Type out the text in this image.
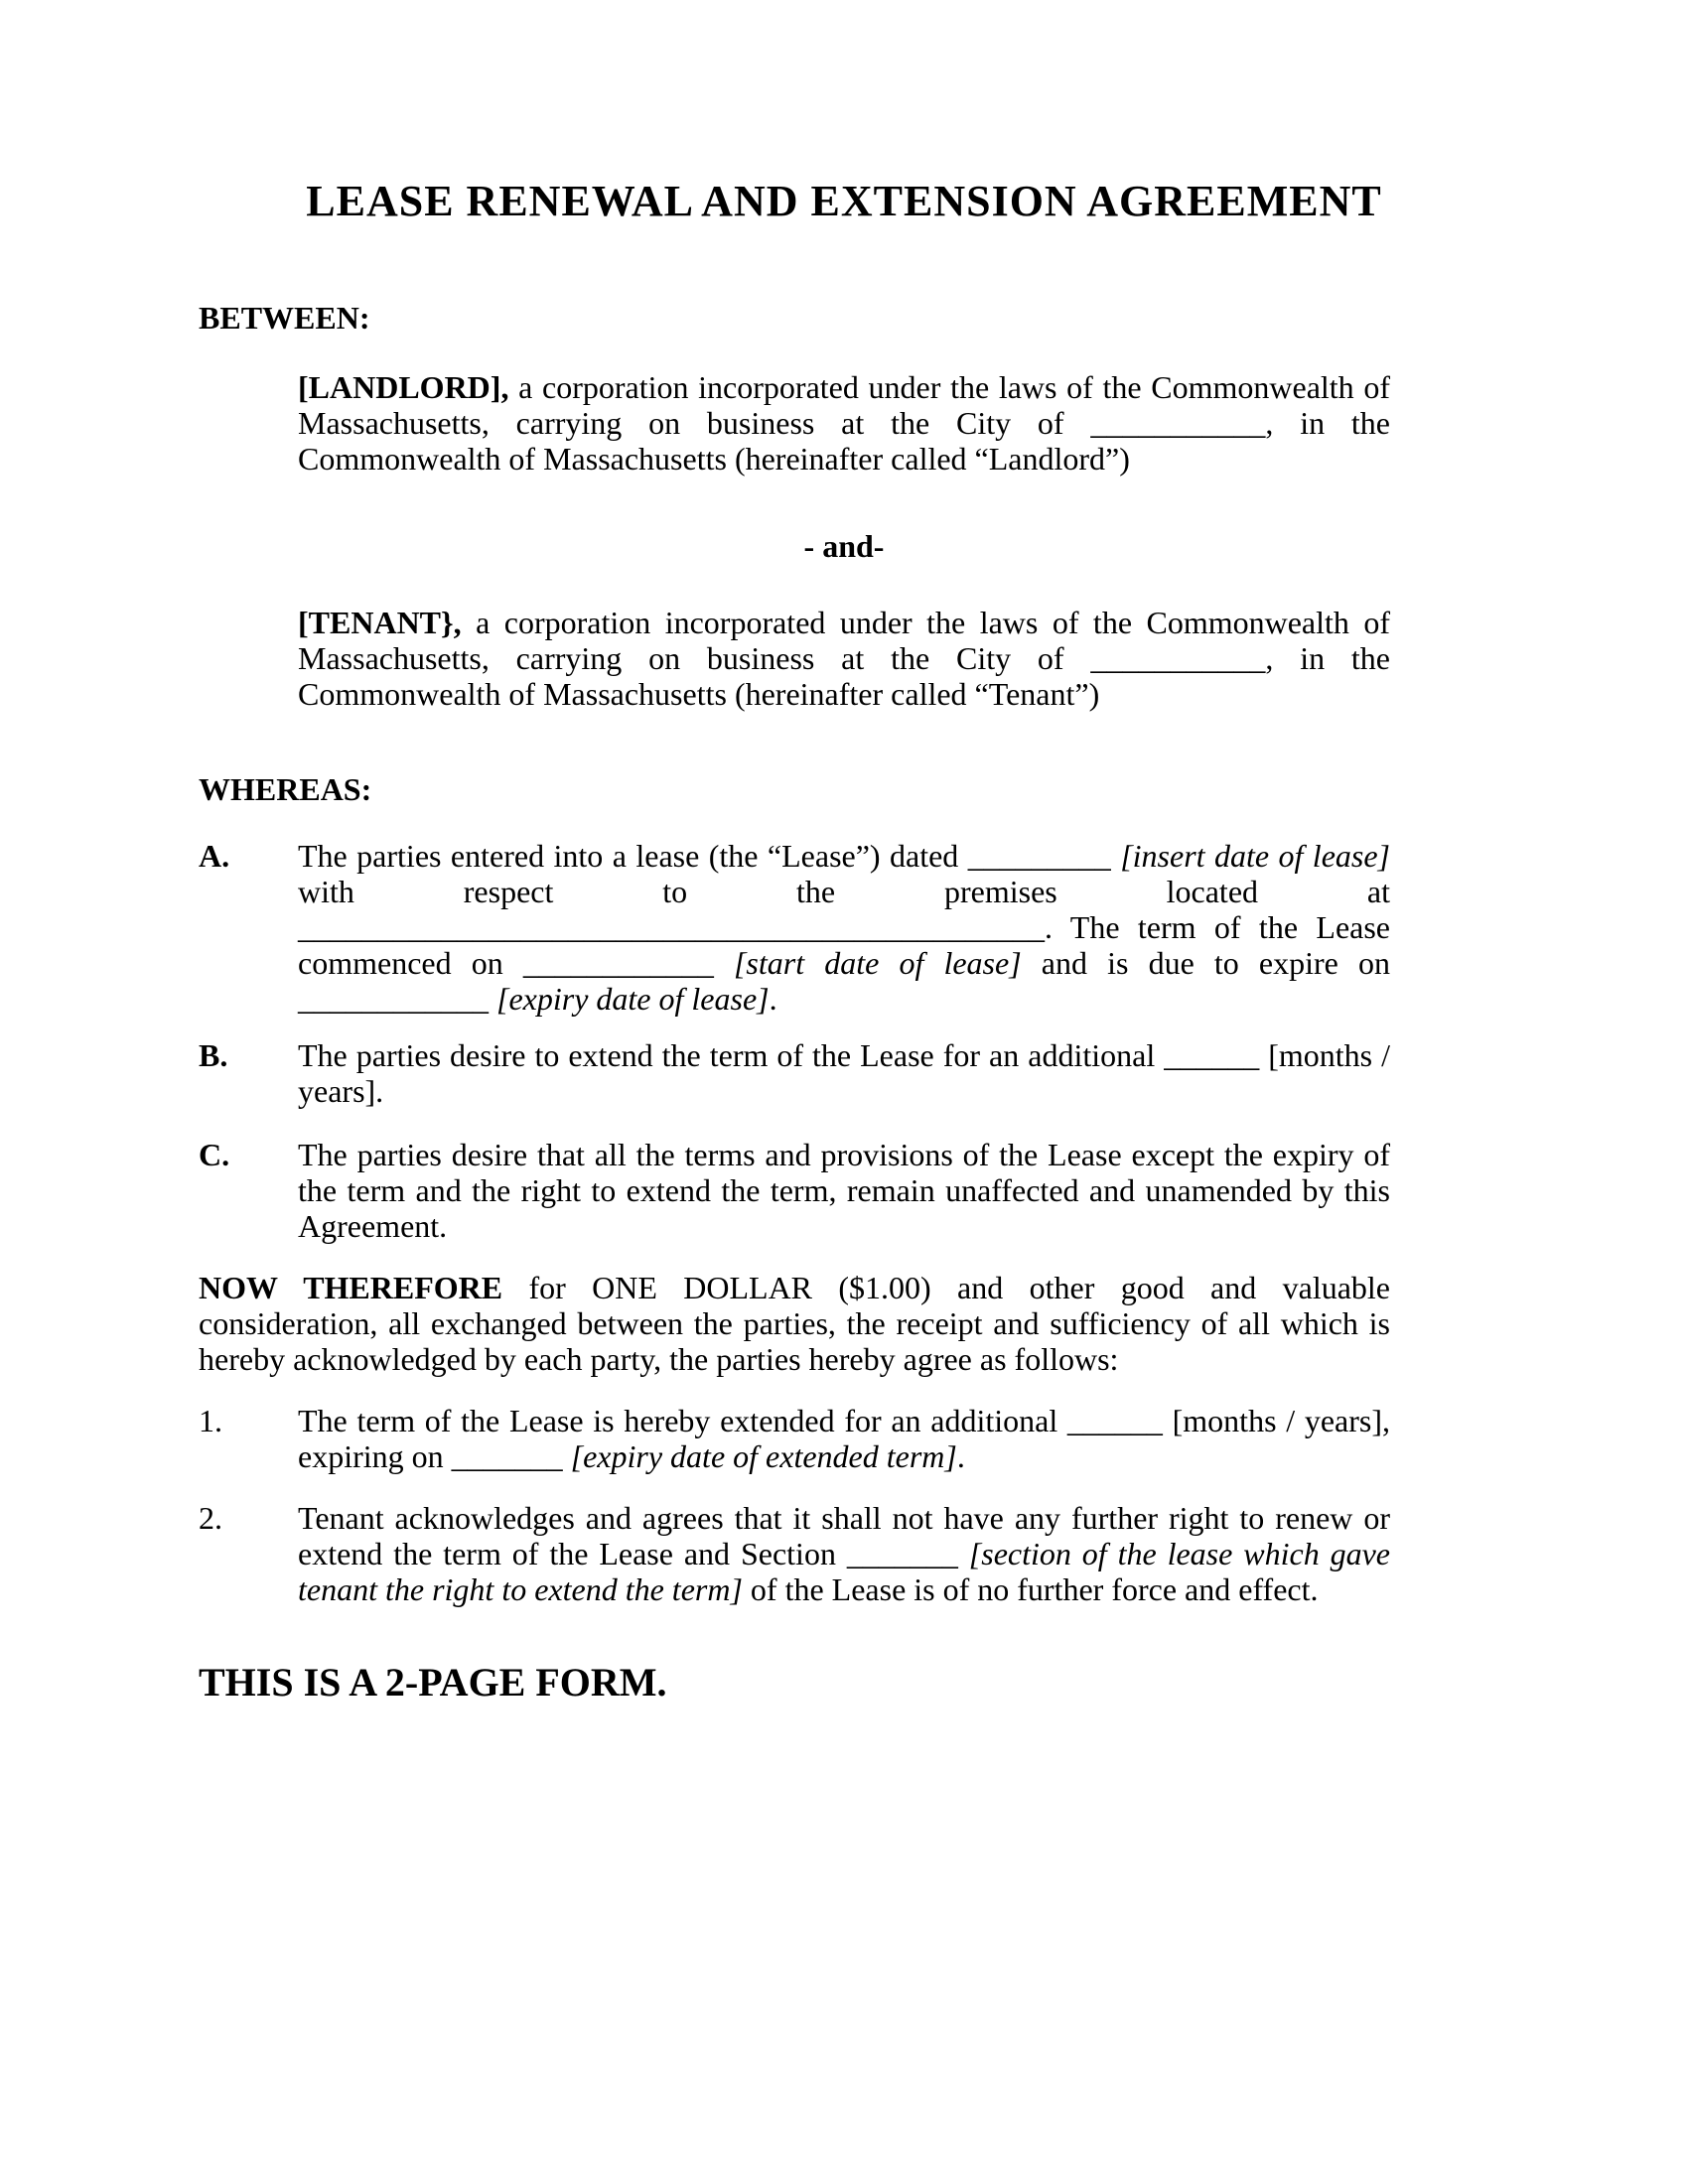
LEASE RENEWAL AND EXTENSION AGREEMENT
BETWEEN:

[LANDLORD], a corporation incorporated under the laws of the Commonwealth of Massachusetts, carrying on business at the City of ___________, in the Commonwealth of Massachusetts (hereinafter called “Landlord”)

- and-

[TENANT}, a corporation incorporated under the laws of the Commonwealth of Massachusetts, carrying on business at the City of ___________, in the Commonwealth of Massachusetts (hereinafter called “Tenant”)

WHEREAS:
A.	The parties entered into a lease (the “Lease”) dated _________ [insert date of lease] with respect to the premises located at _______________________________________________. The term of the Lease commenced on ____________ [start date of lease] and is due to expire on ____________ [expiry date of lease].

B.	The parties desire to extend the term of the Lease for an additional ______ [months / years].

C.	The parties desire that all the terms and provisions of the Lease except the expiry of the term and the right to extend the term, remain unaffected and unamended by this Agreement.

NOW THEREFORE for ONE DOLLAR ($1.00) and other good and valuable consideration, all exchanged between the parties, the receipt and sufficiency of all which is hereby acknowledged by each party, the parties hereby agree as follows:

1.	The term of the Lease is hereby extended for an additional ______ [months / years], expiring on _______ [expiry date of extended term].

2.	Tenant acknowledges and agrees that it shall not have any further right to renew or extend the term of the Lease and Section _______ [section of the lease which gave tenant the right to extend the term] of the Lease is of no further force and effect.

THIS IS A 2-PAGE FORM.
